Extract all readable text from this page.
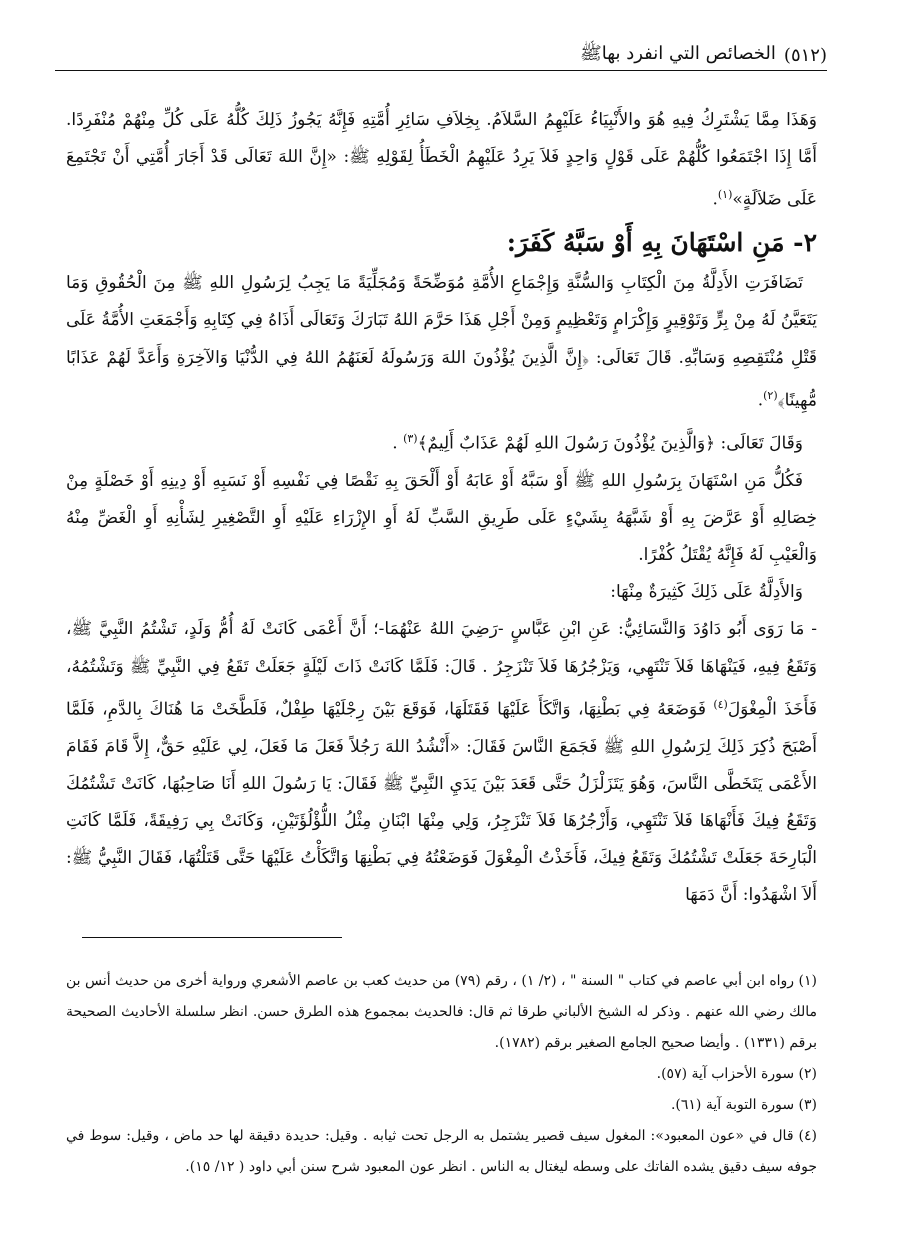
(٥١٢)
الخصائص التي انفرد بهاﷺ

وَهَذَا مِمَّا يَشْتَرِكُ فِيهِ هُوَ والأَنْبِيَاءُ عَلَيْهِمُ السَّلاَمُ. بِخِلاَفِ سَائِرِ أُمَّتِهِ فَإِنَّهُ يَجُوزُ ذَلِكَ كُلُّهُ عَلَى كُلِّ مِنْهُمْ مُنْفَرِدًا. أَمَّا إِذَا اجْتَمَعُوا كُلُّهُمْ عَلَى قَوْلٍ وَاحِدٍ فَلاَ يَرِدُ عَلَيْهِمُ الْخَطَأُ لِقَوْلِهِ ﷺ: «إِنَّ اللهَ تَعَالَى قَدْ أَجَارَ أُمَّتِي أَنْ تَجْتَمِعَ عَلَى ضَلاَلَةٍ»$^{(١)}$.

٢- مَنِ اسْتَهَانَ بِهِ أَوْ سَبَّهُ كَفَرَ:

تَضَافَرَتِ الأَدِلَّةُ مِنَ الْكِتَابِ وَالسُّنَّةِ وَإِجْمَاعِ الأُمَّةِ مُوَضِّحَةً وَمُجَلِّيَةً مَا يَجِبُ لِرَسُولِ اللهِ ﷺ مِنَ الْحُقُوقِ وَمَا يَتَعَيَّنُ لَهُ مِنْ بِرٍّ وَتَوْقِيرٍ وَإِكْرَامٍ وَتَعْظِيمٍ وَمِنْ أَجْلِ هَذَا حَرَّمَ اللهُ تَبَارَكَ وَتَعَالَى أَذَاهُ فِي كِتَابِهِ وَأَجْمَعَتِ الأُمَّةُ عَلَى قَتْلِ مُنْتَقِصِهِ وَسَابِّهِ. قَالَ تَعَالَى: ﴿إِنَّ الَّذِينَ يُؤْذُونَ اللهَ وَرَسُولَهُ لَعَنَهُمُ اللهُ فِي الدُّنْيَا وَالآخِرَةِ وَأَعَدَّ لَهُمْ عَذَابًا مُّهِينًا﴾$^{(٢)}$.

وَقَالَ تَعَالَى: ﴿وَالَّذِينَ يُؤْذُونَ رَسُولَ اللهِ لَهُمْ عَذَابٌ أَلِيمٌ﴾$^{(٣)}$ .

فَكُلُّ مَنِ اسْتَهَانَ بِرَسُولِ اللهِ ﷺ أَوْ سَبَّهُ أَوْ عَابَهُ أَوْ أَلْحَقَ بِهِ نَقْصًا فِي نَفْسِهِ أَوْ نَسَبِهِ أَوْ دِينِهِ أَوْ خَصْلَةٍ مِنْ خِصَالِهِ أَوْ عَرَّضَ بِهِ أَوْ شَبَّهَهُ بِشَيْءٍ عَلَى طَرِيقِ السَّبِّ لَهُ أَوِ الإِزْرَاءِ عَلَيْهِ أَوِ التَّصْغِيرِ لِشَأْنِهِ أَوِ الْغَضِّ مِنْهُ وَالْعَيْبِ لَهُ فَإِنَّهُ يُقْتَلُ كُفْرًا.

وَالأَدِلَّةُ عَلَى ذَلِكَ كَثِيرَةٌ مِنْهَا:

- مَا رَوَى أَبُو دَاوُدَ وَالنَّسَائِيُّ: عَنِ ابْنِ عَبَّاسٍ -رَضِيَ اللهُ عَنْهُمَا-؛ أَنَّ أَعْمَى كَانَتْ لَهُ أُمُّ وَلَدٍ، تَشْتُمُ النَّبِيَّ ﷺ، وَتَقَعُ فِيهِ، فَيَنْهَاهَا فَلاَ تَنْتَهِي، وَيَزْجُرُهَا فَلاَ تَنْزَجِرُ . قَالَ: فَلَمَّا كَانَتْ ذَاتَ لَيْلَةٍ جَعَلَتْ تَقَعُ فِي النَّبِيِّ ﷺ وَتَشْتُمُهُ، فَأَخَذَ الْمِغْوَلَ$^{(٤)}$ فَوَضَعَهُ فِي بَطْنِهَا، وَاتَّكَأَ عَلَيْهَا فَقَتَلَهَا، فَوَقَعَ بَيْنَ رِجْلَيْهَا طِفْلٌ، فَلَطَّخَتْ مَا هُنَاكَ بِالدَّمِ، فَلَمَّا أَصْبَحَ ذُكِرَ ذَلِكَ لِرَسُولِ اللهِ ﷺ فَجَمَعَ النَّاسَ فَقَالَ: «أَنْشُدُ اللهَ رَجُلاً فَعَلَ مَا فَعَلَ، لِي عَلَيْهِ حَقٌّ، إِلاَّ قَامَ فَقَامَ الأَعْمَى يَتَخَطَّى النَّاسَ، وَهُوَ يَتَزَلْزَلُ حَتَّى قَعَدَ بَيْنَ يَدَيِ النَّبِيِّ ﷺ فَقَالَ: يَا رَسُولَ اللهِ أَنَا صَاحِبُهَا، كَانَتْ تَشْتُمُكَ وَتَقَعُ فِيكَ فَأَنْهَاهَا فَلاَ تَنْتَهِي، وَأَزْجُرُهَا فَلاَ تَنْزَجِرُ، وَلِي مِنْهَا ابْنَانِ مِثْلُ اللُّؤْلُؤَتَيْنِ، وَكَانَتْ بِي رَفِيقَةً، فَلَمَّا كَانَتِ الْبَارِحَةَ جَعَلَتْ تَشْتُمُكَ وَتَقَعُ فِيكَ، فَأَخَذْتُ الْمِغْوَلَ فَوَضَعْتُهُ فِي بَطْنِهَا وَاتَّكَأْتُ عَلَيْهَا حَتَّى قَتَلْتُهَا، فَقَالَ النَّبِيُّ ﷺ: أَلاَ اشْهَدُوا: أَنَّ دَمَهَا

(١) رواه ابن أبي عاصم في كتاب " السنة " ، (٢/ ١) ، رقم (٧٩) من حديث كعب بن عاصم الأشعري ورواية أخرى من حديث أنس بن مالك رضي الله عنهم . وذكر له الشيخ الألباني طرقا ثم قال: فالحديث بمجموع هذه الطرق حسن. انظر سلسلة الأحاديث الصحيحة برقم (١٣٣١) . وأيضا صحيح الجامع الصغير برقم (١٧٨٢).

(٢) سورة الأحزاب آية (٥٧).

(٣) سورة التوبة آية (٦١).

(٤) قال في «عون المعبود»: المغول سيف قصير يشتمل به الرجل تحت ثيابه . وقيل: حديدة دقيقة لها حد ماض ، وقيل: سوط في جوفه سيف دقيق يشده الفاتك على وسطه ليغتال به الناس . انظر عون المعبود شرح سنن أبي داود ( ١٢/ ١٥).
